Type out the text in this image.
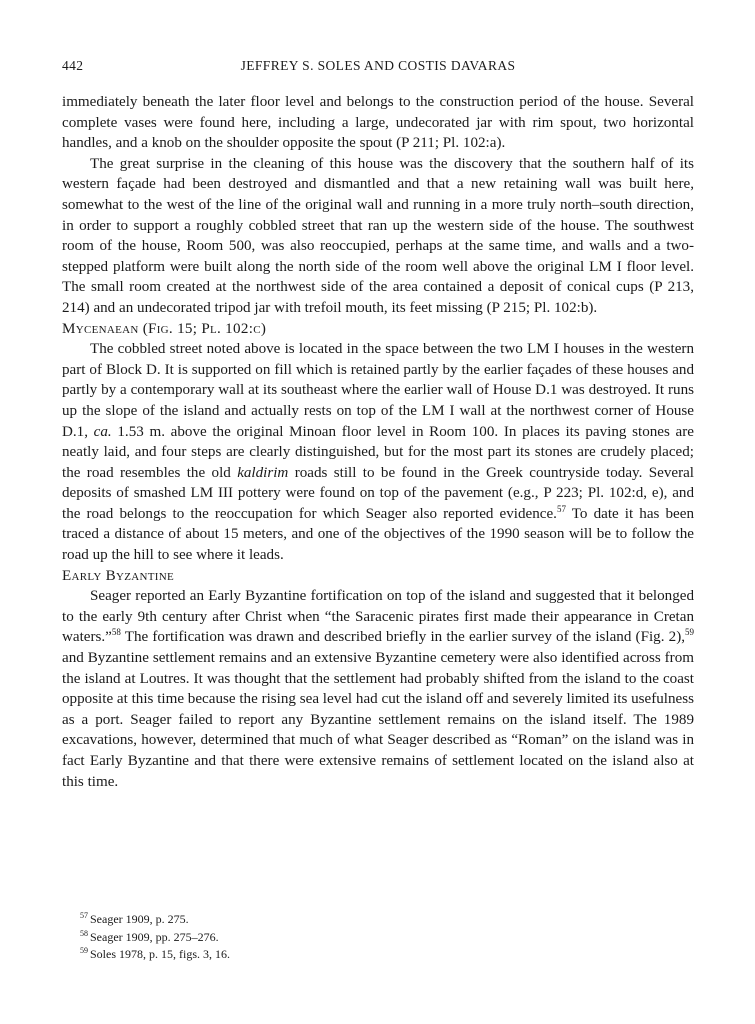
442	JEFFREY S. SOLES AND COSTIS DAVARAS

immediately beneath the later floor level and belongs to the construction period of the house. Several complete vases were found here, including a large, undecorated jar with rim spout, two horizontal handles, and a knob on the shoulder opposite the spout (P 211; Pl. 102:a).

The great surprise in the cleaning of this house was the discovery that the southern half of its western façade had been destroyed and dismantled and that a new retaining wall was built here, somewhat to the west of the line of the original wall and running in a more truly north–south direction, in order to support a roughly cobbled street that ran up the western side of the house. The southwest room of the house, Room 500, was also reoccupied, perhaps at the same time, and walls and a two-stepped platform were built along the north side of the room well above the original LM I floor level. The small room created at the northwest side of the area contained a deposit of conical cups (P 213, 214) and an undecorated tripod jar with trefoil mouth, its feet missing (P 215; Pl. 102:b).

Mycenaean (Fig. 15; Pl. 102:c)

The cobbled street noted above is located in the space between the two LM I houses in the western part of Block D. It is supported on fill which is retained partly by the earlier façades of these houses and partly by a contemporary wall at its southeast where the earlier wall of House D.1 was destroyed. It runs up the slope of the island and actually rests on top of the LM I wall at the northwest corner of House D.1, ca. 1.53 m. above the original Minoan floor level in Room 100. In places its paving stones are neatly laid, and four steps are clearly distinguished, but for the most part its stones are crudely placed; the road resembles the old kaldirim roads still to be found in the Greek countryside today. Several deposits of smashed LM III pottery were found on top of the pavement (e.g., P 223; Pl. 102:d, e), and the road belongs to the reoccupation for which Seager also reported evidence.$^{57}$ To date it has been traced a distance of about 15 meters, and one of the objectives of the 1990 season will be to follow the road up the hill to see where it leads.

Early Byzantine

Seager reported an Early Byzantine fortification on top of the island and suggested that it belonged to the early 9th century after Christ when “the Saracenic pirates first made their appearance in Cretan waters.”$^{58}$ The fortification was drawn and described briefly in the earlier survey of the island (Fig. 2),$^{59}$ and Byzantine settlement remains and an extensive Byzantine cemetery were also identified across from the island at Loutres. It was thought that the settlement had probably shifted from the island to the coast opposite at this time because the rising sea level had cut the island off and severely limited its usefulness as a port. Seager failed to report any Byzantine settlement remains on the island itself. The 1989 excavations, however, determined that much of what Seager described as “Roman” on the island was in fact Early Byzantine and that there were extensive remains of settlement located on the island also at this time.

$^{57}$ Seager 1909, p. 275.
$^{58}$ Seager 1909, pp. 275–276.
$^{59}$ Soles 1978, p. 15, figs. 3, 16.
